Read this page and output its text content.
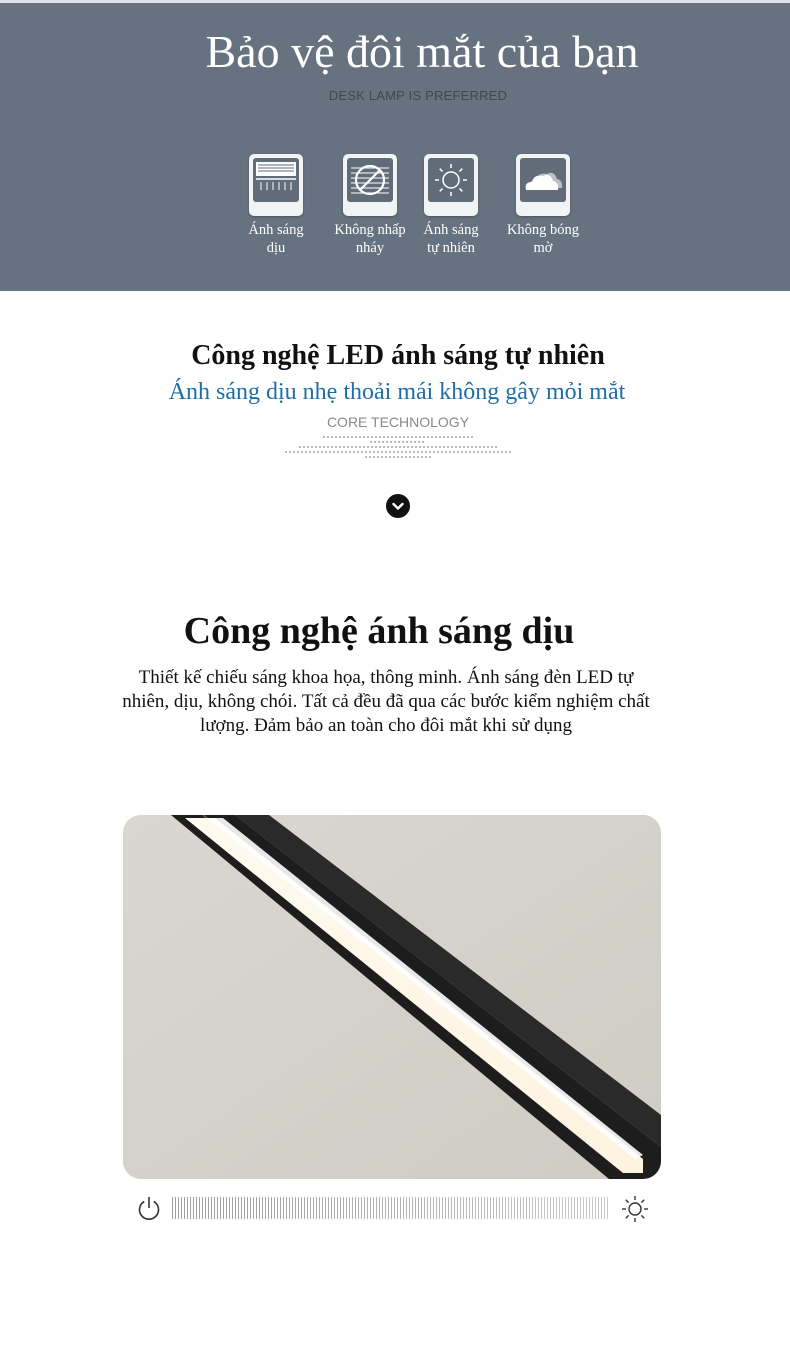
Bảo vệ đôi mắt của bạn
DESK LAMP IS PREFERRED
Ánh sáng
dịu
Không nhấp
nháy
Ánh sáng
tự nhiên
Không bóng
mờ
Công nghệ LED ánh sáng tự nhiên
Ánh sáng dịu nhẹ thoải mái không gây mỏi mắt
CORE TECHNOLOGY
Công nghệ ánh sáng dịu

Thiết kế chiếu sáng khoa họa, thông minh. Ánh sáng đèn LED tự nhiên, dịu, không chói. Tất cả đều đã qua các bước kiểm nghiệm chất lượng. Đảm bảo an toàn cho đôi mắt khi sử dụng
